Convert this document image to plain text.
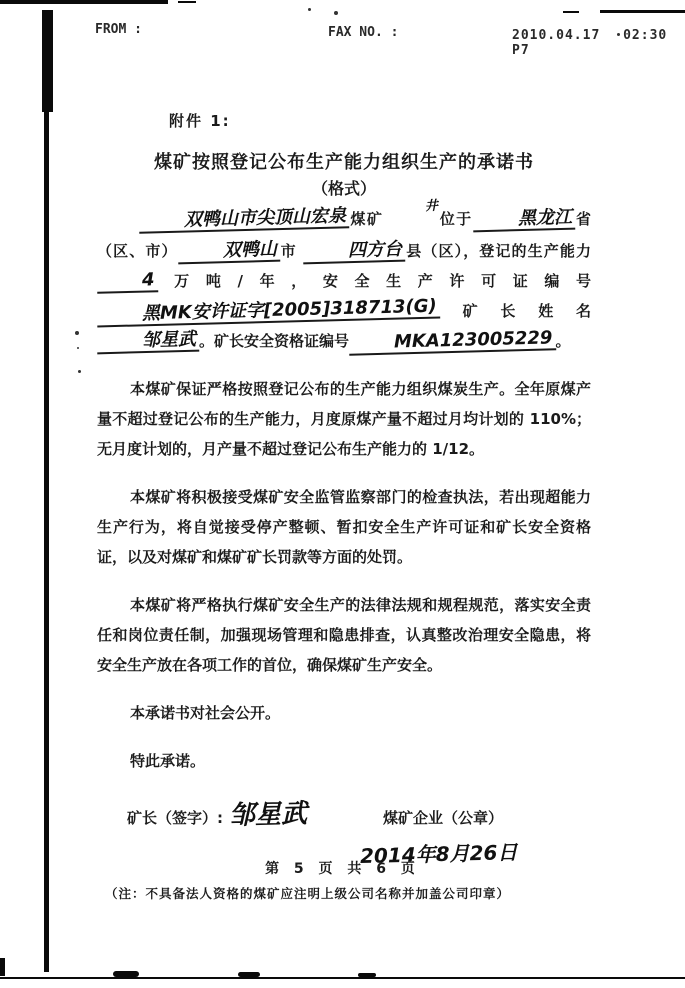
FROM :	FAX NO. :	2010.04.17 02:30 P7
附件 1:
煤矿按照登记公布生产能力组织生产的承诺书
（格式）

双鸭山市尖顶山宏泉 煤矿井位于 黑龙江 省（区、市） 双鸭山 市	四方台 县（区），登记的生产能力4 万吨/年，安全生产许可证编号黑MK安许证字[2005]318713(G) 矿长姓名邹星武 。矿长安全资格证编号 MKA123005229 。

本煤矿保证严格按照登记公布的生产能力组织煤炭生产。全年原煤产量不超过登记公布的生产能力，月度原煤产量不超过月均计划的 110%；无月度计划的，月产量不超过登记公布生产能力的 1/12。

本煤矿将积极接受煤矿安全监管监察部门的检查执法，若出现超能力生产行为，将自觉接受停产整顿、暂扣安全生产许可证和矿长安全资格证，以及对煤矿和煤矿矿长罚款等方面的处罚。

本煤矿将严格执行煤矿安全生产的法律法规和规程规范，落实安全责任和岗位责任制，加强现场管理和隐患排查，认真整改治理安全隐患，将安全生产放在各项工作的首位，确保煤矿生产安全。

本承诺书对社会公开。

特此承诺。

矿长（签字）: 邹星武	煤矿企业（公章）
2014年8月26日
（注：不具备法人资格的煤矿应注明上级公司名称并加盖公司印章）
第 5 页 共 6 页
